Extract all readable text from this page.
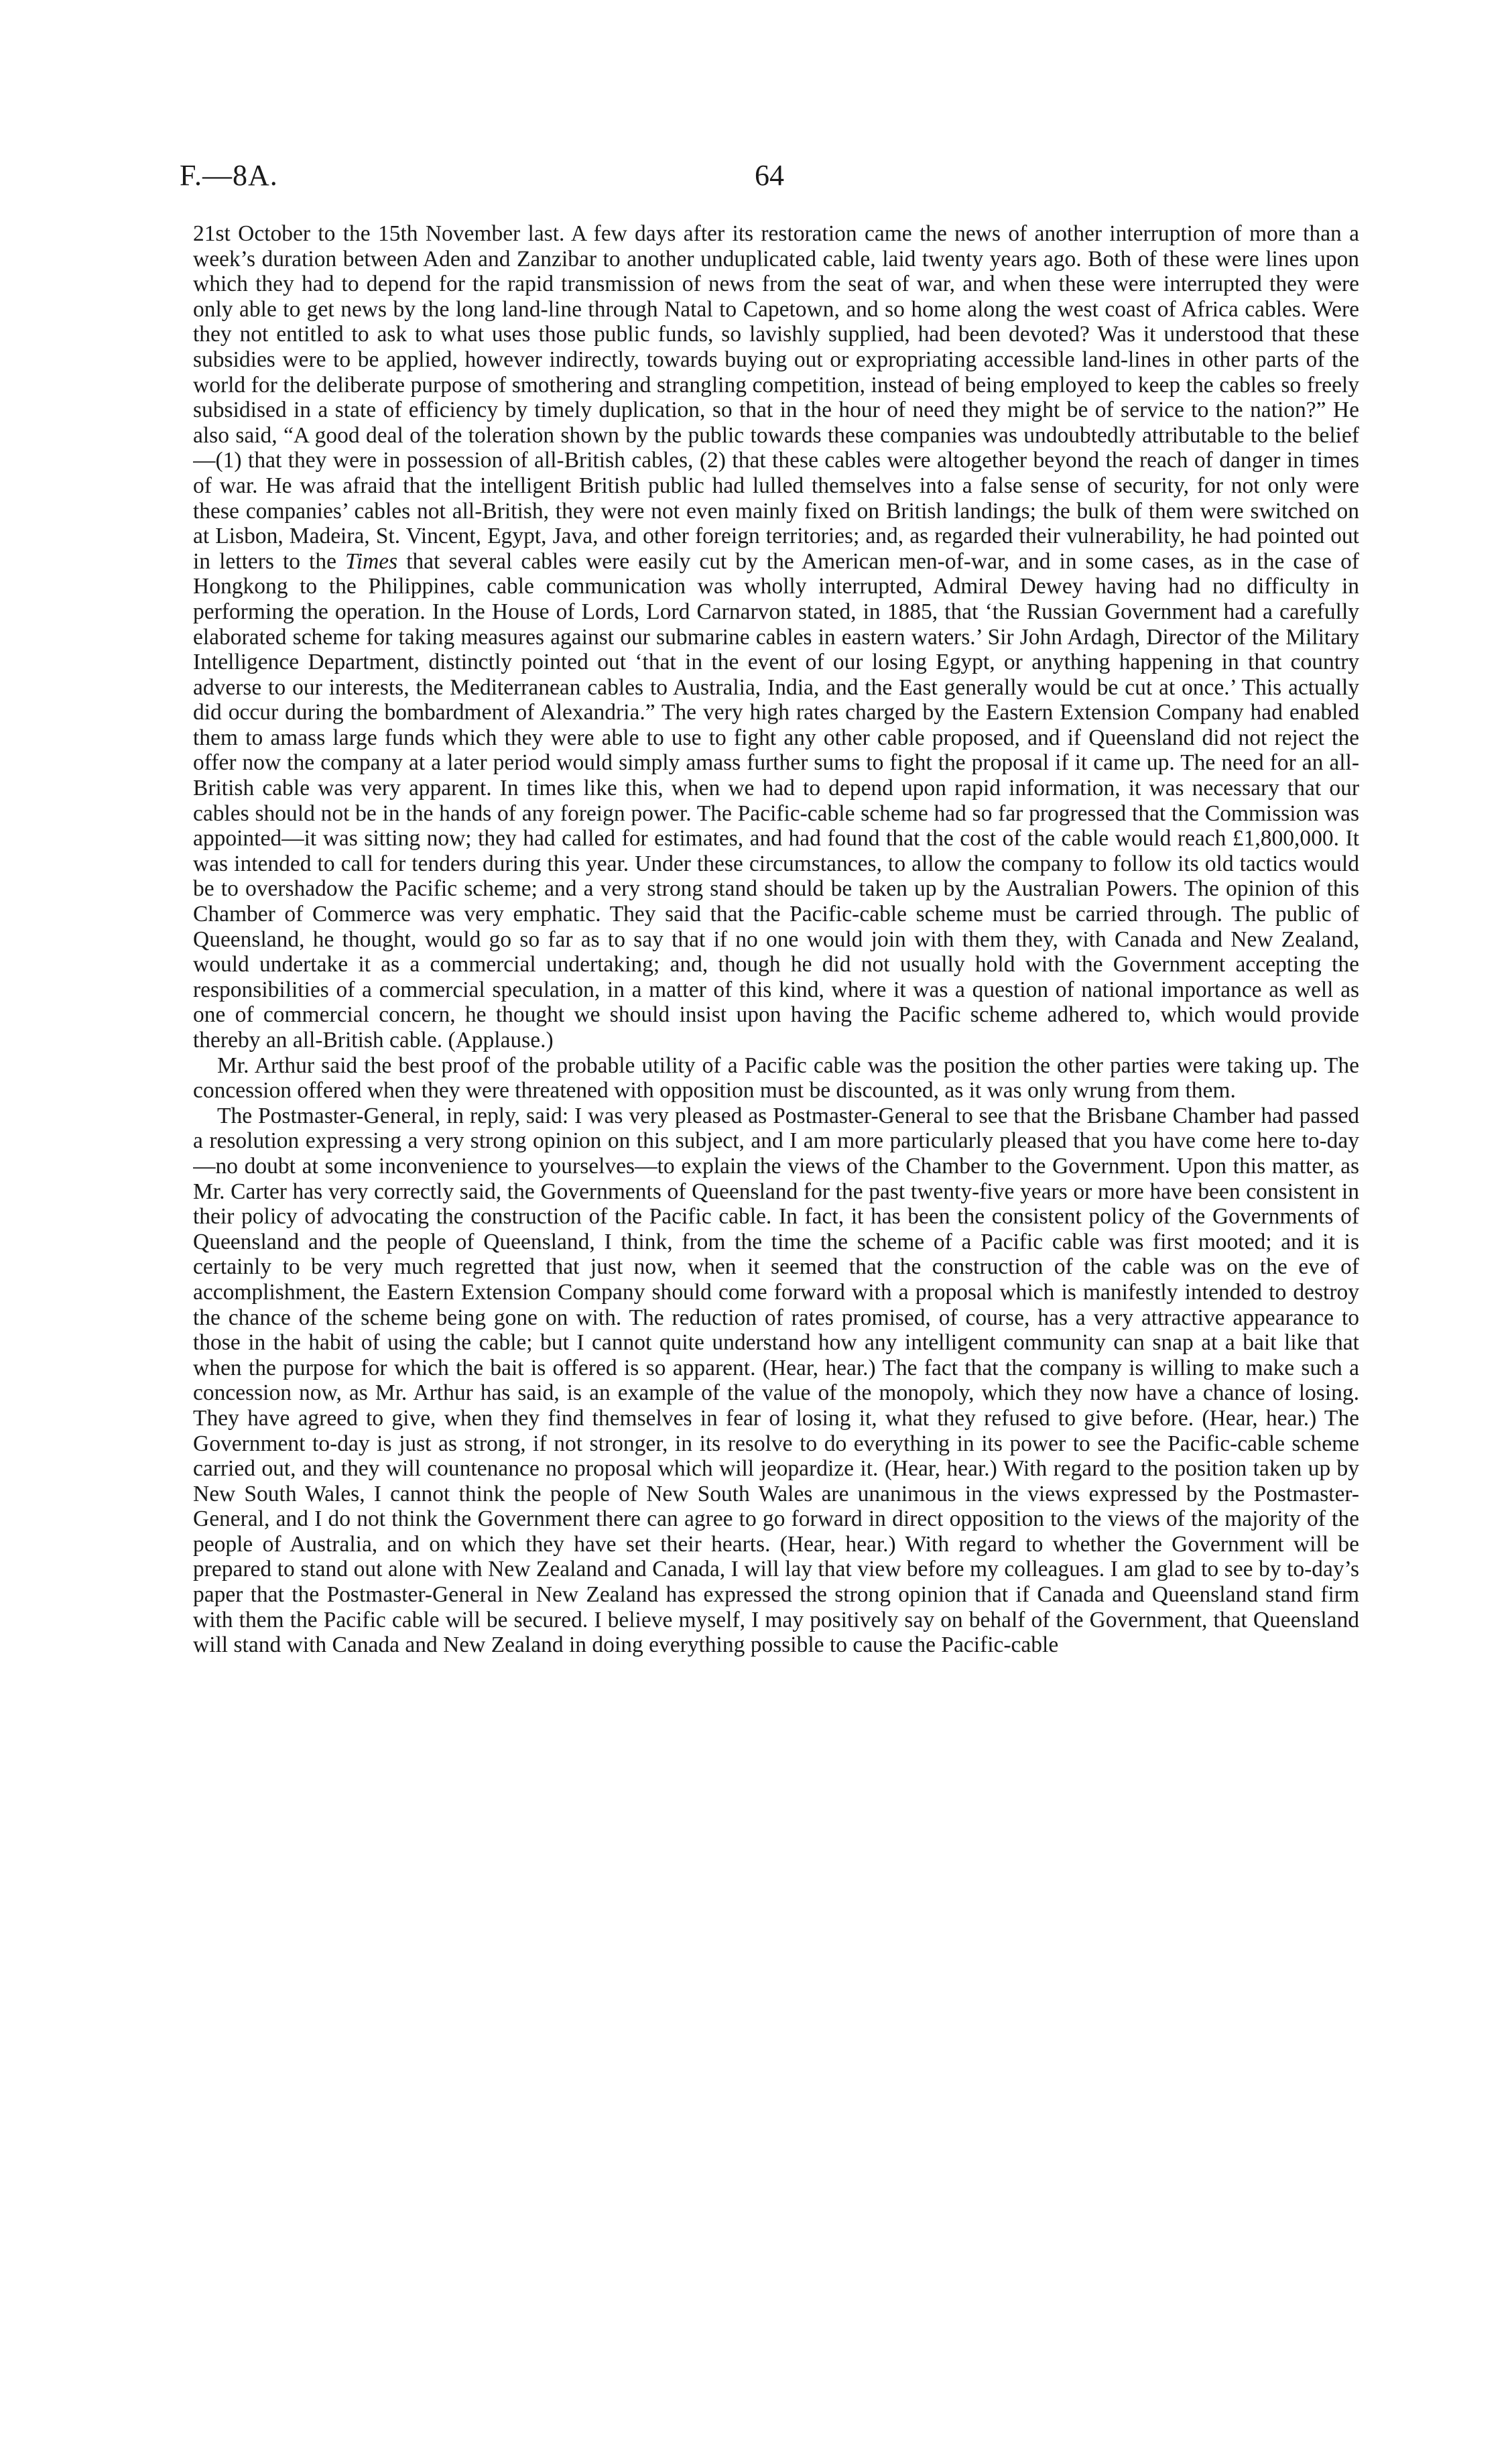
F.—8A.	64

21st October to the 15th November last. A few days after its restoration came the news of another interruption of more than a week’s duration between Aden and Zanzibar to another unduplicated cable, laid twenty years ago. Both of these were lines upon which they had to depend for the rapid transmission of news from the seat of war, and when these were interrupted they were only able to get news by the long land-line through Natal to Capetown, and so home along the west coast of Africa cables. Were they not entitled to ask to what uses those public funds, so lavishly supplied, had been devoted? Was it understood that these subsidies were to be applied, however indirectly, towards buying out or expropriating accessible land-lines in other parts of the world for the deliberate purpose of smothering and strangling competition, instead of being employed to keep the cables so freely subsidised in a state of efficiency by timely duplication, so that in the hour of need they might be of service to the nation?” He also said, “A good deal of the toleration shown by the public towards these companies was undoubtedly attributable to the belief—(1) that they were in possession of all-British cables, (2) that these cables were altogether beyond the reach of danger in times of war. He was afraid that the intelligent British public had lulled themselves into a false sense of security, for not only were these companies’ cables not all-British, they were not even mainly fixed on British landings; the bulk of them were switched on at Lisbon, Madeira, St. Vincent, Egypt, Java, and other foreign territories; and, as regarded their vulnerability, he had pointed out in letters to the Times that several cables were easily cut by the American men-of-war, and in some cases, as in the case of Hongkong to the Philippines, cable communication was wholly interrupted, Admiral Dewey having had no difficulty in performing the operation. In the House of Lords, Lord Carnarvon stated, in 1885, that ‘the Russian Government had a carefully elaborated scheme for taking measures against our submarine cables in eastern waters.’ Sir John Ardagh, Director of the Military Intelligence Department, distinctly pointed out ‘that in the event of our losing Egypt, or anything happening in that country adverse to our interests, the Mediterranean cables to Australia, India, and the East generally would be cut at once.’ This actually did occur during the bombardment of Alexandria.” The very high rates charged by the Eastern Extension Company had enabled them to amass large funds which they were able to use to fight any other cable proposed, and if Queensland did not reject the offer now the company at a later period would simply amass further sums to fight the proposal if it came up. The need for an all-British cable was very apparent. In times like this, when we had to depend upon rapid information, it was necessary that our cables should not be in the hands of any foreign power. The Pacific-cable scheme had so far progressed that the Commission was appointed—it was sitting now; they had called for estimates, and had found that the cost of the cable would reach £1,800,000. It was intended to call for tenders during this year. Under these circumstances, to allow the company to follow its old tactics would be to overshadow the Pacific scheme; and a very strong stand should be taken up by the Australian Powers. The opinion of this Chamber of Commerce was very emphatic. They said that the Pacific-cable scheme must be carried through. The public of Queensland, he thought, would go so far as to say that if no one would join with them they, with Canada and New Zealand, would undertake it as a commercial undertaking; and, though he did not usually hold with the Government accepting the responsibilities of a commercial speculation, in a matter of this kind, where it was a question of national importance as well as one of commercial concern, he thought we should insist upon having the Pacific scheme adhered to, which would provide thereby an all-British cable. (Applause.)

Mr. Arthur said the best proof of the probable utility of a Pacific cable was the position the other parties were taking up. The concession offered when they were threatened with opposition must be discounted, as it was only wrung from them.

The Postmaster-General, in reply, said: I was very pleased as Postmaster-General to see that the Brisbane Chamber had passed a resolution expressing a very strong opinion on this subject, and I am more particularly pleased that you have come here to-day—no doubt at some inconvenience to yourselves—to explain the views of the Chamber to the Government. Upon this matter, as Mr. Carter has very correctly said, the Governments of Queensland for the past twenty-five years or more have been consistent in their policy of advocating the construction of the Pacific cable. In fact, it has been the consistent policy of the Governments of Queensland and the people of Queensland, I think, from the time the scheme of a Pacific cable was first mooted; and it is certainly to be very much regretted that just now, when it seemed that the construction of the cable was on the eve of accomplishment, the Eastern Extension Company should come forward with a proposal which is manifestly intended to destroy the chance of the scheme being gone on with. The reduction of rates promised, of course, has a very attractive appearance to those in the habit of using the cable; but I cannot quite understand how any intelligent community can snap at a bait like that when the purpose for which the bait is offered is so apparent. (Hear, hear.) The fact that the company is willing to make such a concession now, as Mr. Arthur has said, is an example of the value of the monopoly, which they now have a chance of losing. They have agreed to give, when they find themselves in fear of losing it, what they refused to give before. (Hear, hear.) The Government to-day is just as strong, if not stronger, in its resolve to do everything in its power to see the Pacific-cable scheme carried out, and they will countenance no proposal which will jeopardize it. (Hear, hear.) With regard to the position taken up by New South Wales, I cannot think the people of New South Wales are unanimous in the views expressed by the Postmaster-General, and I do not think the Government there can agree to go forward in direct opposition to the views of the majority of the people of Australia, and on which they have set their hearts. (Hear, hear.) With regard to whether the Government will be prepared to stand out alone with New Zealand and Canada, I will lay that view before my colleagues. I am glad to see by to-day’s paper that the Postmaster-General in New Zealand has expressed the strong opinion that if Canada and Queensland stand firm with them the Pacific cable will be secured. I believe myself, I may positively say on behalf of the Government, that Queensland will stand with Canada and New Zealand in doing everything possible to cause the Pacific-cable
